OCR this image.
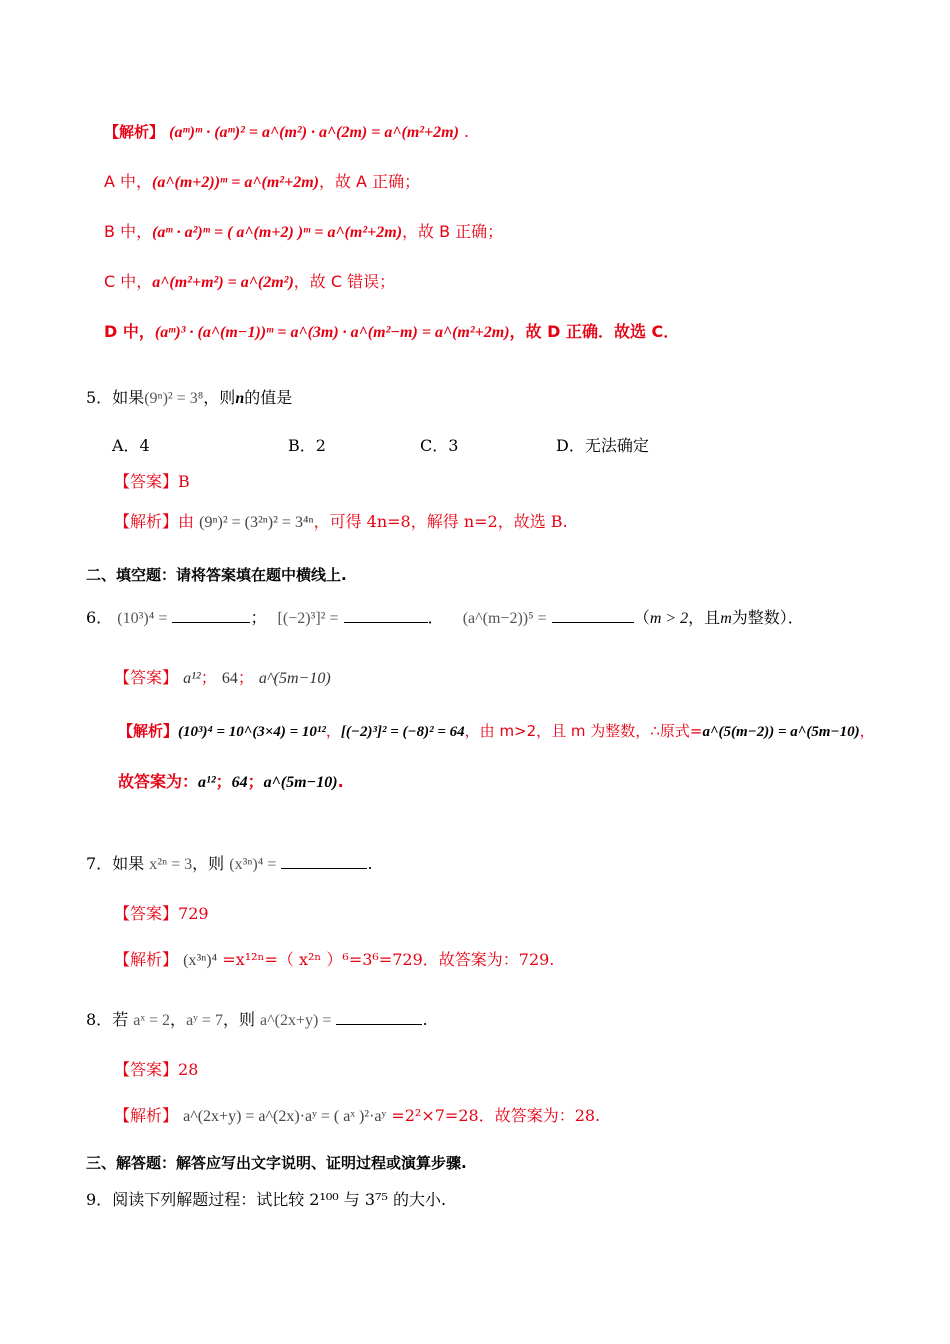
【解析】 (aᵐ)ᵐ · (aᵐ)² = a^(m²) · a^(2m) = a^(m²+2m) .
A 中，(a^(m+2))ᵐ = a^(m²+2m)，故 A 正确；
B 中，(aᵐ · a²)ᵐ = ( a^(m+2) )ᵐ = a^(m²+2m)，故 B 正确；
C 中，a^(m²+m²) = a^(2m²)，故 C 错误；
D 中，(aᵐ)³ · (a^(m−1))ᵐ = a^(3m) · a^(m²−m) = a^(m²+2m)，故 D 正确．故选 C．
5．如果(9ⁿ)² = 3⁸，则n的值是
A．4	B．2	C．3	D．无法确定
【答案】B
【解析】由 (9ⁿ)² = (3²ⁿ)² = 3⁴ⁿ，可得 4n=8，解得 n=2，故选 B.
二、填空题：请将答案填在题中横线上.
6． (10³)⁴ =	； [(−2)³]² =	． (a^(m−2))⁵ =	（m > 2，且m为整数）．
【答案】 a¹²； 64； a^(5m−10)
【解析】(10³)⁴ = 10^(3×4) = 10¹²，[(−2)³]² = (−8)² = 64，由 m>2，且 m 为整数，∴原式=a^(5(m−2)) = a^(5m−10)，
故答案为：a¹²；64；a^(5m−10).
7．如果 x²ⁿ = 3，则 (x³ⁿ)⁴ =	.
【答案】729
【解析】 (x³ⁿ)⁴ =x¹²ⁿ=（ x²ⁿ ）⁶=3⁶=729．故答案为：729.
8．若 aˣ = 2，aʸ = 7，则 a^(2x+y) =	.
【答案】28
【解析】 a^(2x+y) = a^(2x)·aʸ = ( aˣ )²·aʸ =2²×7=28．故答案为：28.
三、解答题：解答应写出文字说明、证明过程或演算步骤.
9．阅读下列解题过程：试比较 2¹⁰⁰ 与 3⁷⁵ 的大小.
